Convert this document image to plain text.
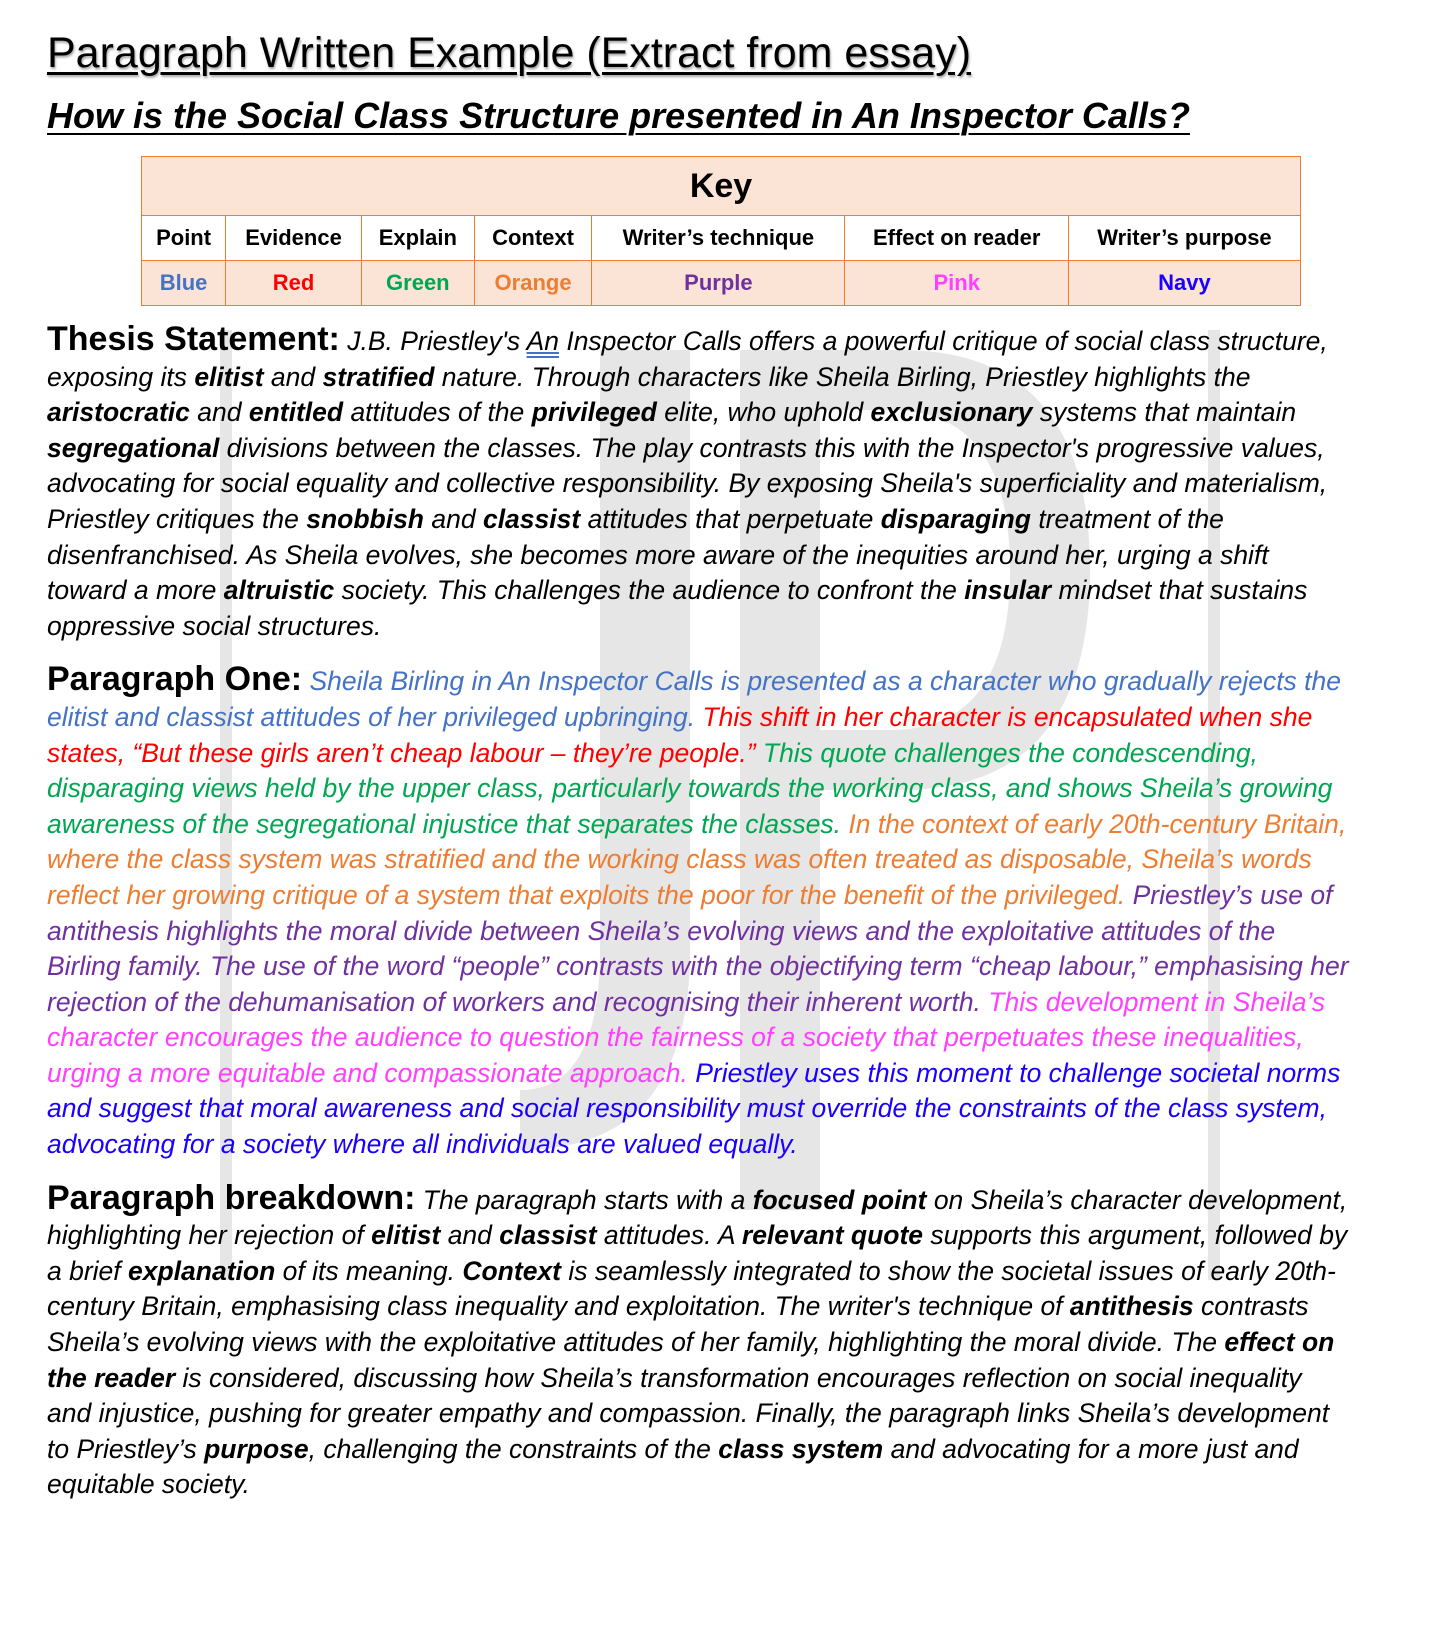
Paragraph Written Example (Extract from essay)
How is the Social Class Structure presented in An Inspector Calls?
Key						
Point	Evidence	Explain	Context	Writer’s technique	Effect on reader	Writer’s purpose
Blue	Red	Green	Orange	Purple	Pink	Navy

Thesis Statement: J.B. Priestley's An Inspector Calls offers a powerful critique of social class structure, exposing its elitist and stratified nature. Through characters like Sheila Birling, Priestley highlights the aristocratic and entitled attitudes of the privileged elite, who uphold exclusionary systems that maintain segregational divisions between the classes. The play contrasts this with the Inspector's progressive values, advocating for social equality and collective responsibility. By exposing Sheila's superficiality and materialism, Priestley critiques the snobbish and classist attitudes that perpetuate disparaging treatment of the disenfranchised. As Sheila evolves, she becomes more aware of the inequities around her, urging a shift toward a more altruistic society. This challenges the audience to confront the insular mindset that sustains oppressive social structures.

Paragraph One: Sheila Birling in An Inspector Calls is presented as a character who gradually rejects the elitist and classist attitudes of her privileged upbringing. This shift in her character is encapsulated when she states, “But these girls aren’t cheap labour – they’re people.” This quote challenges the condescending, disparaging views held by the upper class, particularly towards the working class, and shows Sheila’s growing awareness of the segregational injustice that separates the classes. In the context of early 20th-century Britain, where the class system was stratified and the working class was often treated as disposable, Sheila’s words reflect her growing critique of a system that exploits the poor for the benefit of the privileged. Priestley’s use of antithesis highlights the moral divide between Sheila’s evolving views and the exploitative attitudes of the Birling family. The use of the word “people” contrasts with the objectifying term “cheap labour,” emphasising her rejection of the dehumanisation of workers and recognising their inherent worth. This development in Sheila’s character encourages the audience to question the fairness of a society that perpetuates these inequalities, urging a more equitable and compassionate approach. Priestley uses this moment to challenge societal norms and suggest that moral awareness and social responsibility must override the constraints of the class system, advocating for a society where all individuals are valued equally.

Paragraph breakdown: The paragraph starts with a focused point on Sheila’s character development, highlighting her rejection of elitist and classist attitudes. A relevant quote supports this argument, followed by a brief explanation of its meaning. Context is seamlessly integrated to show the societal issues of early 20th-century Britain, emphasising class inequality and exploitation. The writer's technique of antithesis contrasts Sheila’s evolving views with the exploitative attitudes of her family, highlighting the moral divide. The effect on the reader is considered, discussing how Sheila’s transformation encourages reflection on social inequality and injustice, pushing for greater empathy and compassion. Finally, the paragraph links Sheila’s development to Priestley’s purpose, challenging the constraints of the class system and advocating for a more just and equitable society.
